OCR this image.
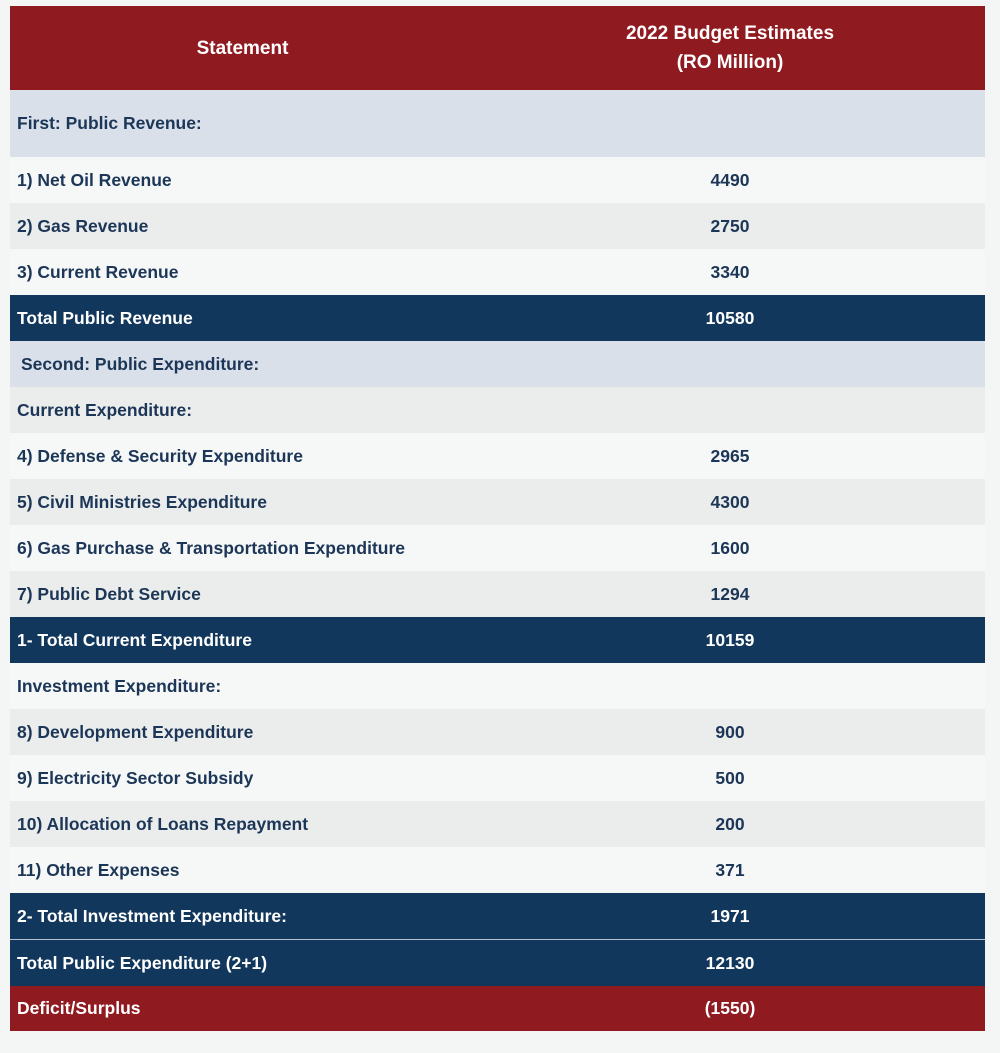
Statement	2022 Budget Estimates
(RO Million)

First: Public Revenue:	
1) Net Oil Revenue	4490
2) Gas Revenue	2750
3) Current Revenue	3340
Total Public Revenue	10580
Second: Public Expenditure:	
Current Expenditure:	
4) Defense & Security Expenditure	2965
5) Civil Ministries Expenditure	4300
6) Gas Purchase & Transportation Expenditure	1600
7) Public Debt Service	1294
1- Total Current Expenditure	10159
Investment Expenditure:	
8) Development Expenditure	900
9) Electricity Sector Subsidy	500
10) Allocation of Loans Repayment	200
11) Other Expenses	371
2- Total Investment Expenditure:	1971
Total Public Expenditure (2+1)	12130
Deficit/Surplus	(1550)
